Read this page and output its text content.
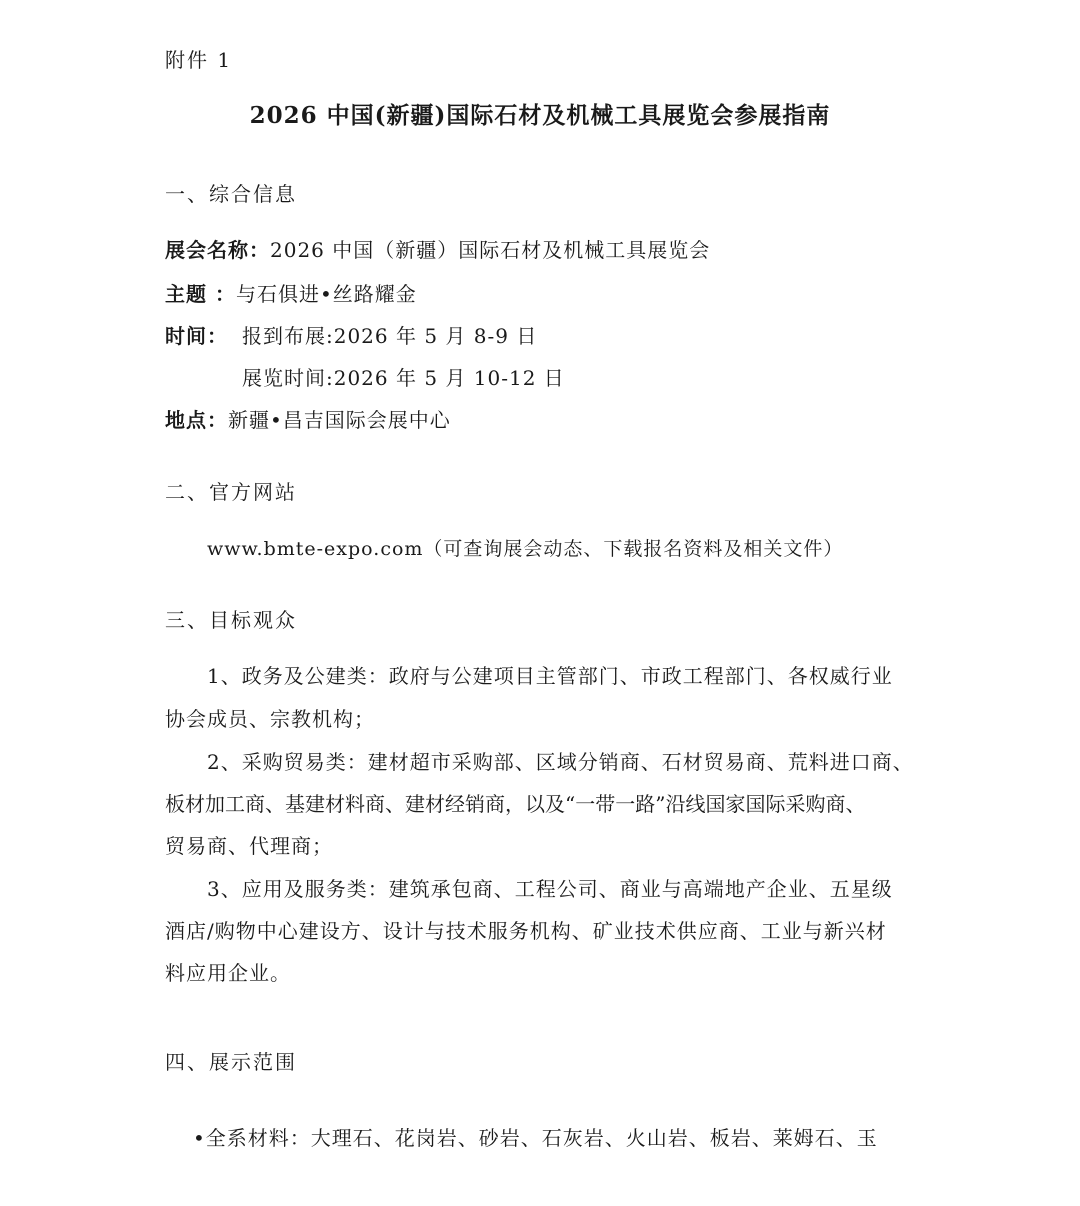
附件 1
2026 中国(新疆)国际石材及机械工具展览会参展指南
一、综合信息
展会名称：2026 中国（新疆）国际石材及机械工具展览会
主题 ：与石俱进•丝路耀金
时间： 报到布展:2026 年 5 月 8-9 日
展览时间:2026 年 5 月 10-12 日
地点：新疆•昌吉国际会展中心
二、官方网站
www.bmte-expo.com（可查询展会动态、下载报名资料及相关文件）
三、目标观众
1、政务及公建类：政府与公建项目主管部门、市政工程部门、各权威行业
协会成员、宗教机构；
2、采购贸易类：建材超市采购部、区域分销商、石材贸易商、荒料进口商、
板材加工商、基建材料商、建材经销商，以及“一带一路”沿线国家国际采购商、
贸易商、代理商；
3、应用及服务类：建筑承包商、工程公司、商业与高端地产企业、五星级
酒店/购物中心建设方、设计与技术服务机构、矿业技术供应商、工业与新兴材
料应用企业。
四、展示范围
•全系材料：大理石、花岗岩、砂岩、石灰岩、火山岩、板岩、莱姆石、玉
